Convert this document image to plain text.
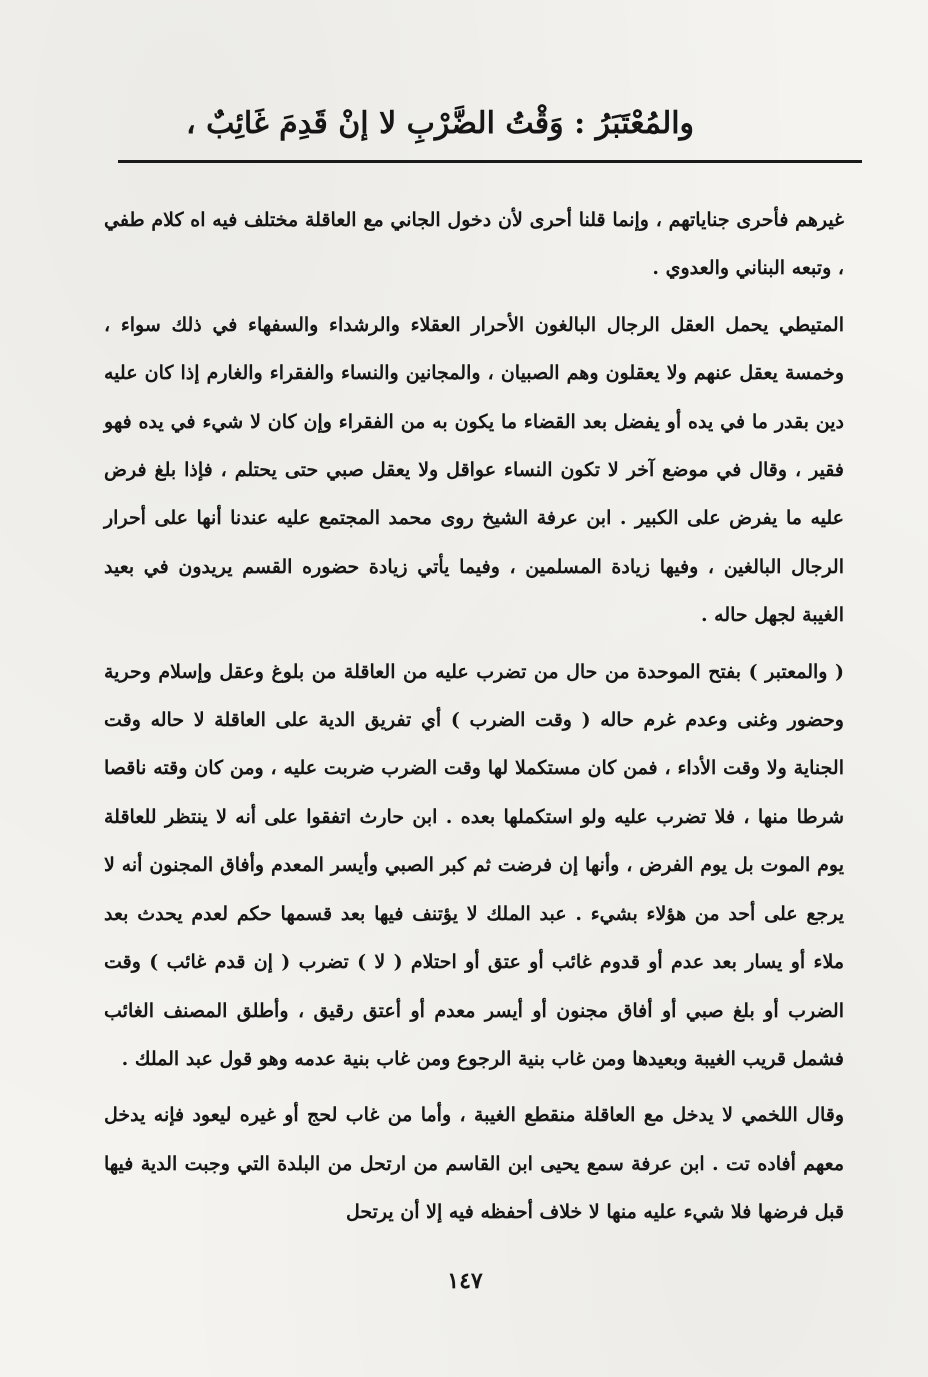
والمُعْتَبَرُ : وَقْتُ الضَّرْبِ لا إنْ قَدِمَ غَائِبٌ ،

غيرهم فأحرى جناياتهم ، وإنما قلنا أحرى لأن دخول الجاني مع العاقلة مختلف فيه اه كلام طفي ، وتبعه البناني والعدوي .

المتيطي يحمل العقل الرجال البالغون الأحرار العقلاء والرشداء والسفهاء في ذلك سواء ، وخمسة يعقل عنهم ولا يعقلون وهم الصبيان ، والمجانين والنساء والفقراء والغارم إذا كان عليه دين بقدر ما في يده أو يفضل بعد القضاء ما يكون به من الفقراء وإن كان لا شيء في يده فهو فقير ، وقال في موضع آخر لا تكون النساء عواقل ولا يعقل صبي حتى يحتلم ، فإذا بلغ فرض عليه ما يفرض على الكبير . ابن عرفة الشيخ روى محمد المجتمع عليه عندنا أنها على أحرار الرجال البالغين ، وفيها زيادة المسلمين ، وفيما يأتي زيادة حضوره القسم يريدون في بعيد الغيبة لجهل حاله .

( والمعتبر ) بفتح الموحدة من حال من تضرب عليه من العاقلة من بلوغ وعقل وإسلام وحرية وحضور وغنى وعدم غرم حاله ( وقت الضرب ) أي تفريق الدية على العاقلة لا حاله وقت الجناية ولا وقت الأداء ، فمن كان مستكملا لها وقت الضرب ضربت عليه ، ومن كان وقته ناقصا شرطا منها ، فلا تضرب عليه ولو استكملها بعده . ابن حارث اتفقوا على أنه لا ينتظر للعاقلة يوم الموت بل يوم الفرض ، وأنها إن فرضت ثم كبر الصبي وأيسر المعدم وأفاق المجنون أنه لا يرجع على أحد من هؤلاء بشيء . عبد الملك لا يؤتنف فيها بعد قسمها حكم لعدم يحدث بعد ملاء أو يسار بعد عدم أو قدوم غائب أو عتق أو احتلام ( لا ) تضرب ( إن قدم غائب ) وقت الضرب أو بلغ صبي أو أفاق مجنون أو أيسر معدم أو أعتق رقيق ، وأطلق المصنف الغائب فشمل قريب الغيبة وبعيدها ومن غاب بنية الرجوع ومن غاب بنية عدمه وهو قول عبد الملك .

وقال اللخمي لا يدخل مع العاقلة منقطع الغيبة ، وأما من غاب لحج أو غيره ليعود فإنه يدخل معهم أفاده تت . ابن عرفة سمع يحيى ابن القاسم من ارتحل من البلدة التي وجبت الدية فيها قبل فرضها فلا شيء عليه منها لا خلاف أحفظه فيه إلا أن يرتحل

١٤٧
